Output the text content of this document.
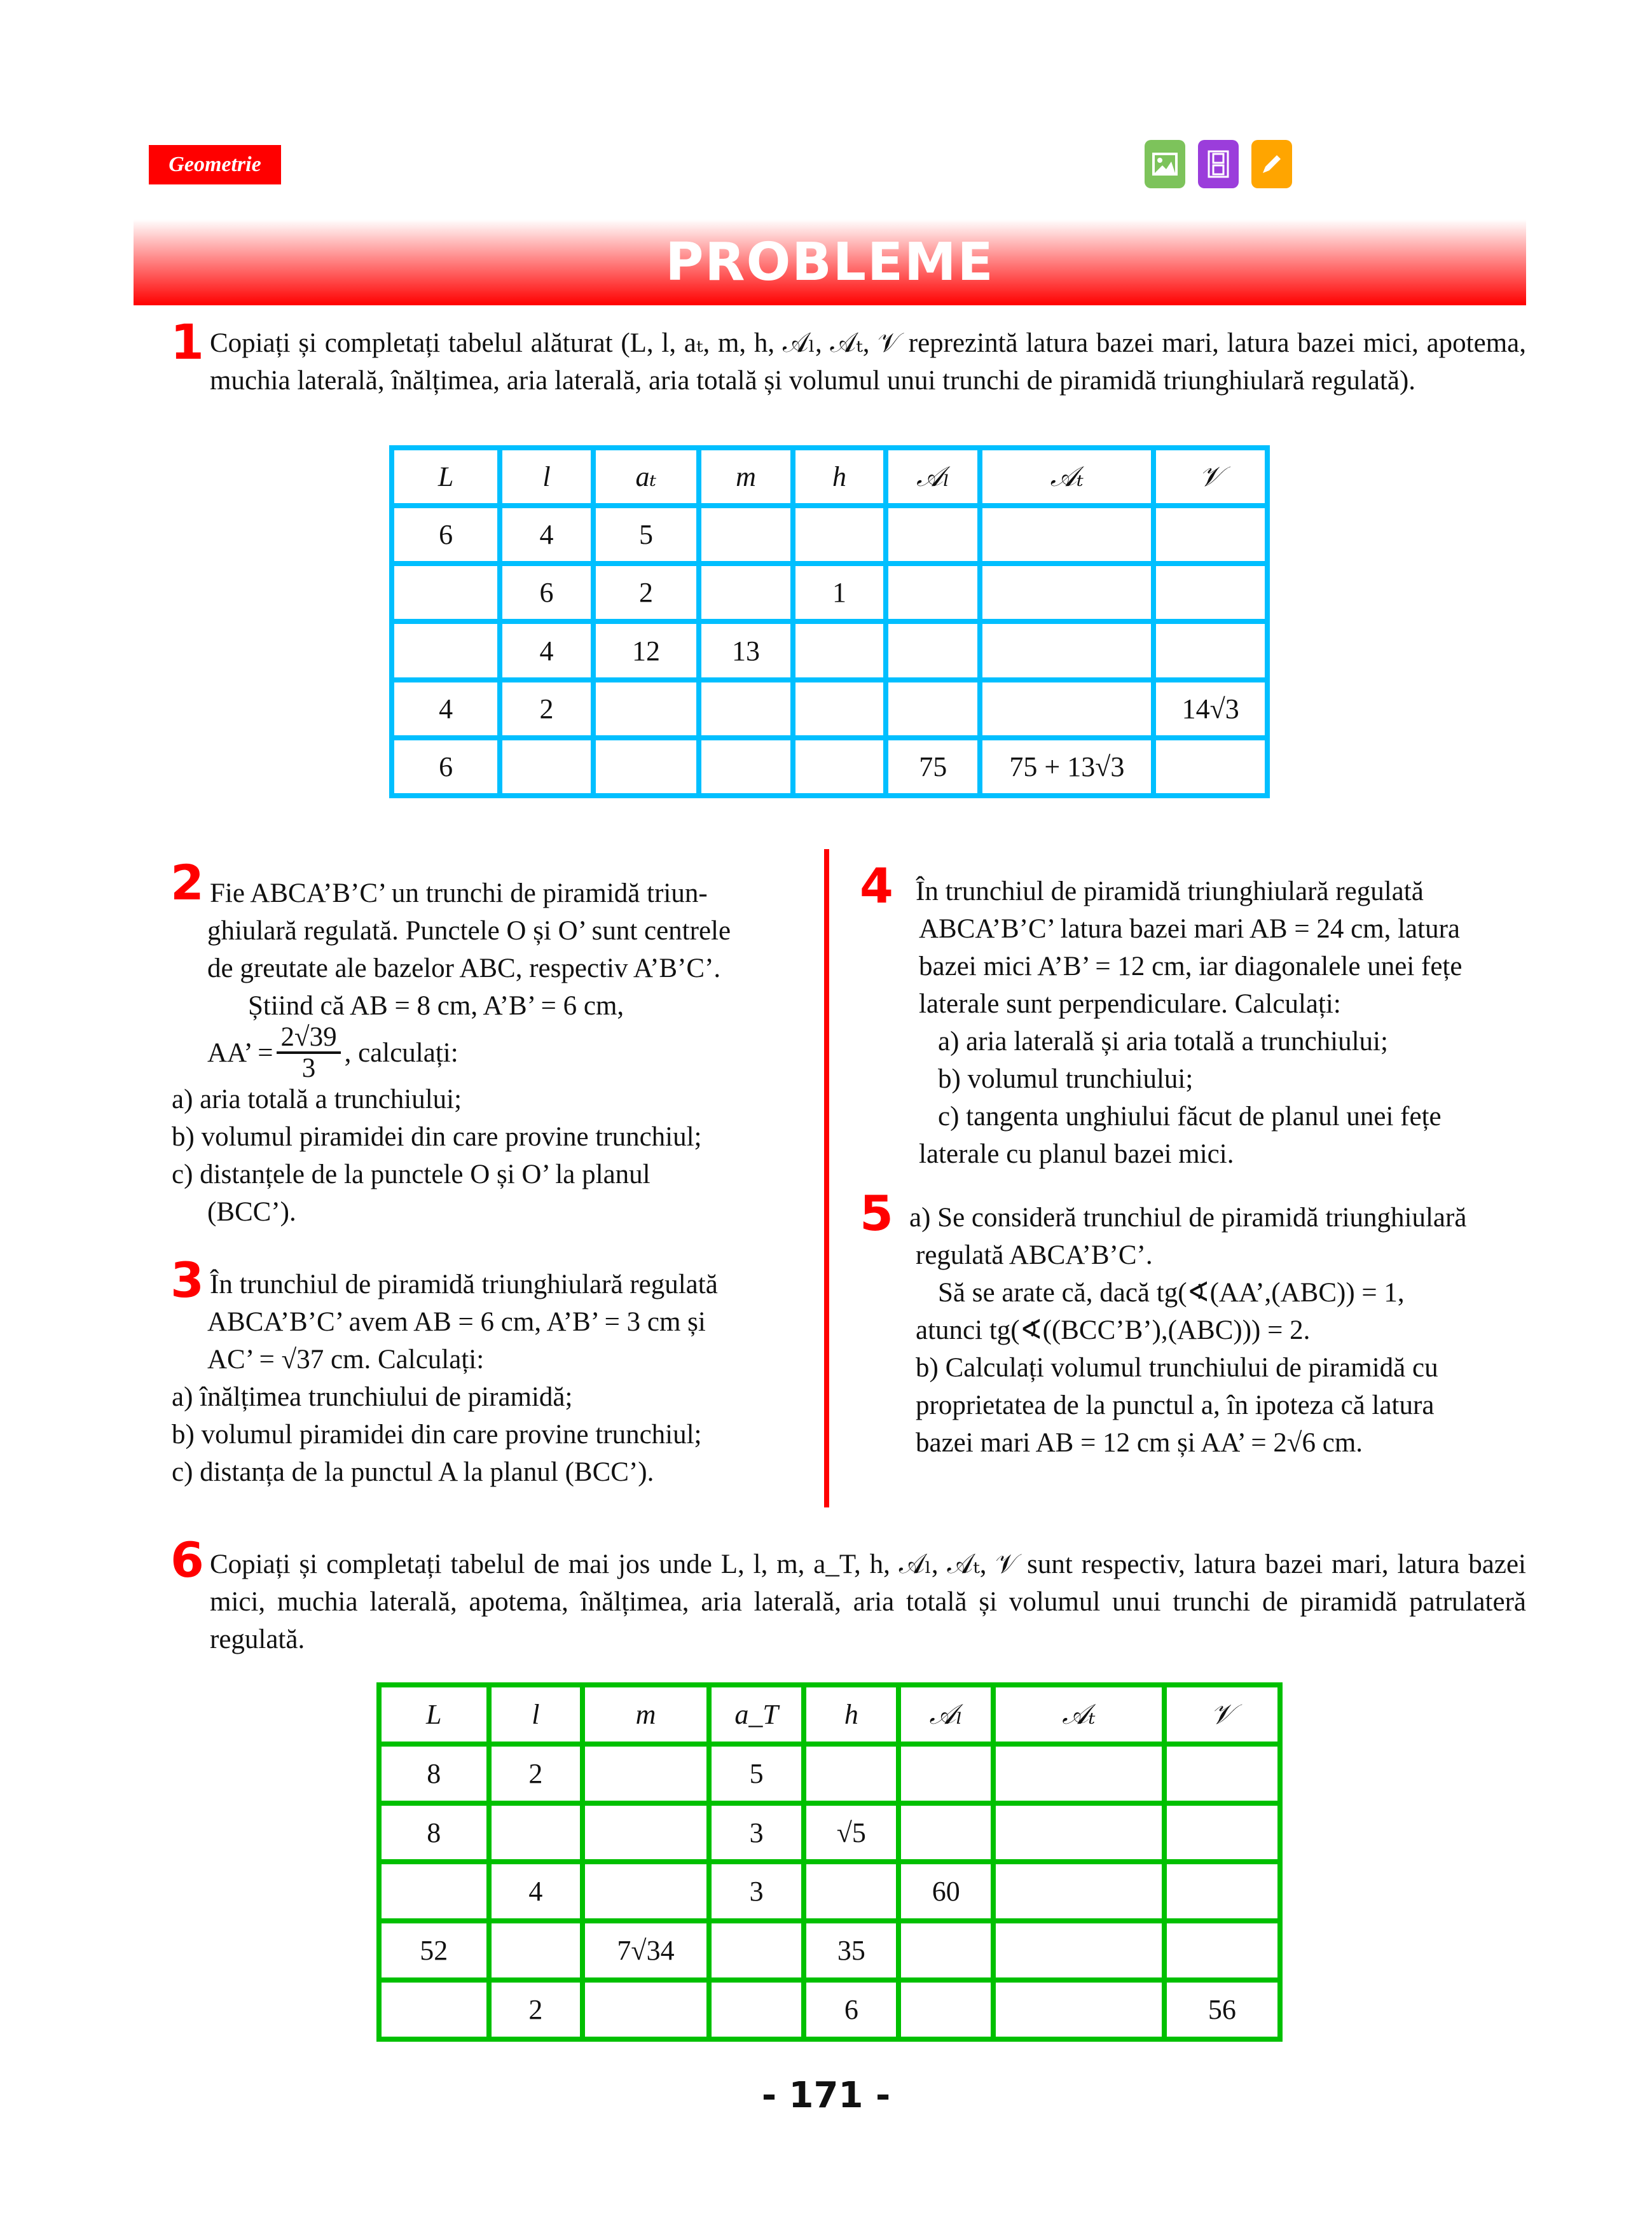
Geometrie
PROBLEME
1 Copiați și completați tabelul alăturat (L, l, aₜ, m, h, 𝒜ₗ, 𝒜ₜ, 𝒱 reprezintă latura bazei mari, latura bazei mici, apotema, muchia laterală, înălțimea, aria laterală, aria totală și volumul unui trunchi de piramidă triunghiulară regulată).
L	l	aₜ	m	h	𝒜ₗ	𝒜ₜ	𝒱
6	4	5					
	6	2		1			
	4	12	13				
4	2						14√3
6					75	75 + 13√3	
2 Fie ABCA’B’C’ un trunchi de piramidă triun-
ghiulară regulată. Punctele O și O’ sunt centrele
de greutate ale bazelor ABC, respectiv A’B’C’.
Știind că AB = 8 cm, A’B’ = 6 cm,
AA’ = $\frac{2√39}{3}$ , calculați:
a) aria totală a trunchiului;
b) volumul piramidei din care provine trunchiul;
c) distanțele de la punctele O și O’ la planul
(BCC’).
3 În trunchiul de piramidă triunghiulară regulată
ABCA’B’C’ avem AB = 6 cm, A’B’ = 3 cm și
AC’ = √37 cm. Calculați:
a) înălțimea trunchiului de piramidă;
b) volumul piramidei din care provine trunchiul;
c) distanța de la punctul A la planul (BCC’).
4 În trunchiul de piramidă triunghiulară regulată
ABCA’B’C’ latura bazei mari AB = 24 cm, latura
bazei mici A’B’ = 12 cm, iar diagonalele unei fețe
laterale sunt perpendiculare. Calculați:
a) aria laterală și aria totală a trunchiului;
b) volumul trunchiului;
c) tangenta unghiului făcut de planul unei fețe
laterale cu planul bazei mici.
5 a) Se consideră trunchiul de piramidă triunghiulară
regulată ABCA’B’C’.
Să se arate că, dacă tg(∢(AA’,(ABC)) = 1,
atunci tg(∢((BCC’B’),(ABC))) = 2.
b) Calculați volumul trunchiului de piramidă cu
proprietatea de la punctul a, în ipoteza că latura
bazei mari AB = 12 cm și AA’ = 2√6 cm.
6 Copiați și completați tabelul de mai jos unde L, l, m, a_T, h, 𝒜ₗ, 𝒜ₜ, 𝒱 sunt respectiv, latura bazei mari, latura bazei mici, muchia laterală, apotema, înălțimea, aria laterală, aria totală și volumul unui trunchi de piramidă patrulateră regulată.
L	l	m	a_T	h	𝒜ₗ	𝒜ₜ	𝒱
8	2		5				
8			3	√5			
	4		3		60		
52		7√34		35			
	2			6			56
- 171 -
